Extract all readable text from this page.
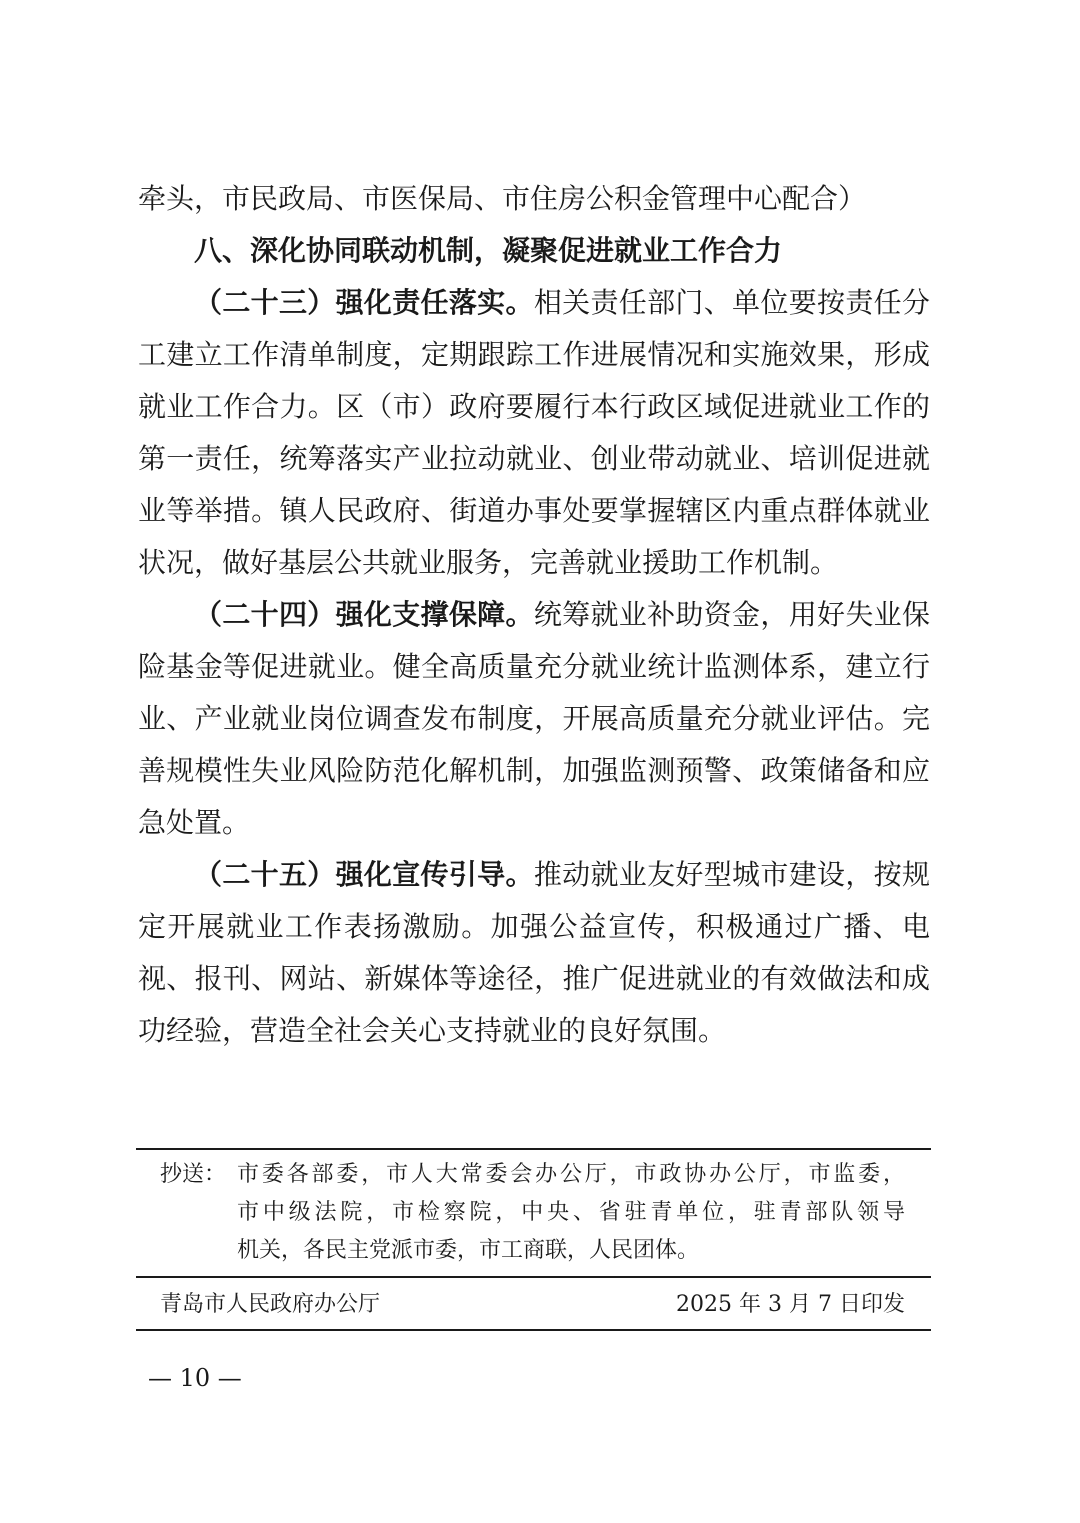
牵头，市民政局、市医保局、市住房公积金管理中心配合）
八、深化协同联动机制，凝聚促进就业工作合力
（二十三）强化责任落实。相关责任部门、单位要按责任分
工建立工作清单制度，定期跟踪工作进展情况和实施效果，形成
就业工作合力。区（市）政府要履行本行政区域促进就业工作的
第一责任，统筹落实产业拉动就业、创业带动就业、培训促进就
业等举措。镇人民政府、街道办事处要掌握辖区内重点群体就业
状况，做好基层公共就业服务，完善就业援助工作机制。
（二十四）强化支撑保障。统筹就业补助资金，用好失业保
险基金等促进就业。健全高质量充分就业统计监测体系，建立行
业、产业就业岗位调查发布制度，开展高质量充分就业评估。完
善规模性失业风险防范化解机制，加强监测预警、政策储备和应
急处置。
（二十五）强化宣传引导。推动就业友好型城市建设，按规
定开展就业工作表扬激励。加强公益宣传，积极通过广播、电
视、报刊、网站、新媒体等途径，推广促进就业的有效做法和成
功经验，营造全社会关心支持就业的良好氛围。
抄送： 市委各部委，市人大常委会办公厅，市政协办公厅，市监委，
市中级法院，市检察院，中央、省驻青单位，驻青部队领导
机关，各民主党派市委，市工商联，人民团体。
青岛市人民政府办公厅	2025 年 3 月 7 日印发
— 10 —
